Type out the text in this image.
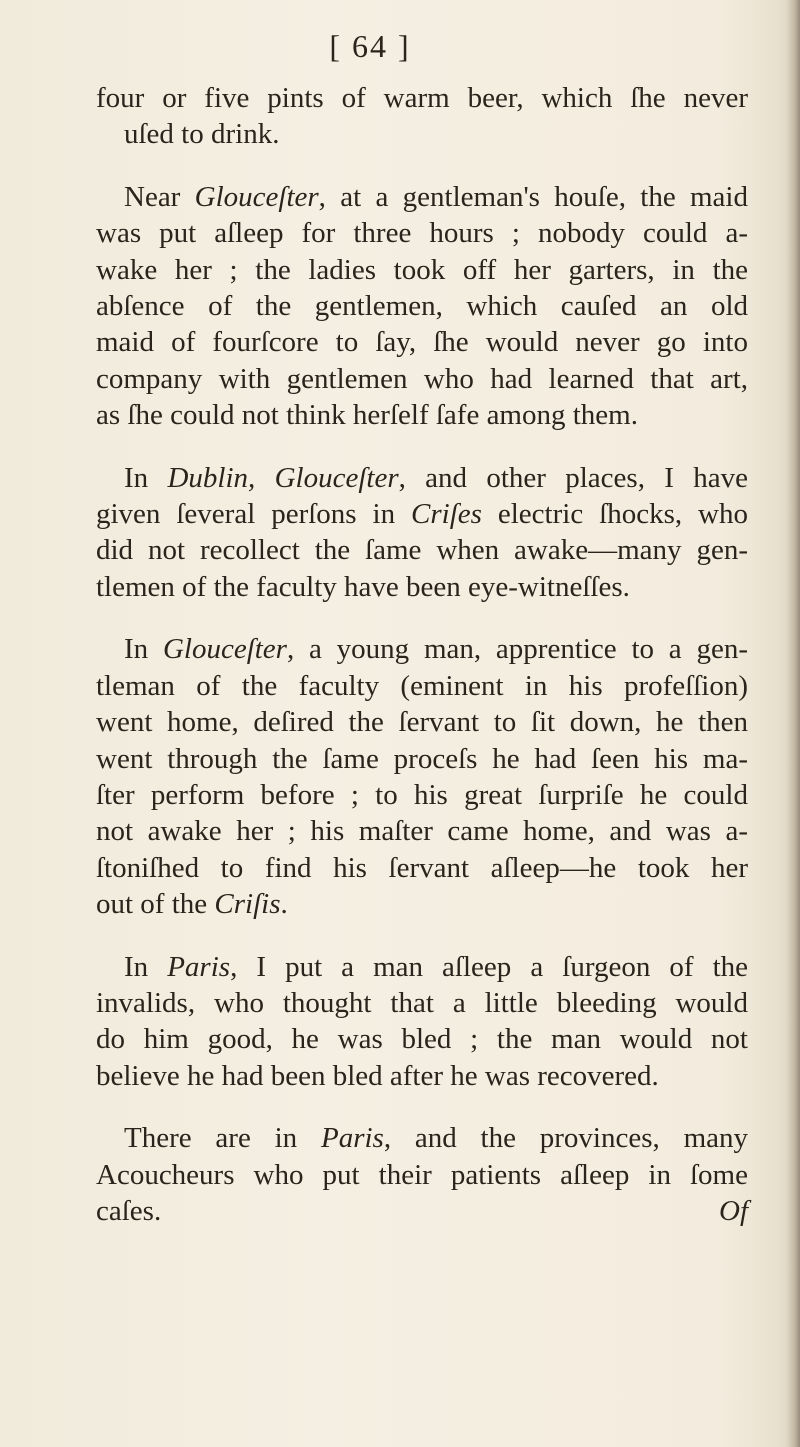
[ 64 ]

four or five pints of warm beer, which ſhe never
uſed to drink.

Near Glouceſter, at a gentleman's houſe, the maid
was put aſleep for three hours ; nobody could a-
wake her ; the ladies took off her garters, in the
abſence of the gentlemen, which cauſed an old
maid of fourſcore to ſay, ſhe would never go into
company with gentlemen who had learned that art,
as ſhe could not think herſelf ſafe among them.

In Dublin, Glouceſter, and other places, I have
given ſeveral perſons in Criſes electric ſhocks, who
did not recollect the ſame when awake—many gen-
tlemen of the faculty have been eye-witneſſes.

In Glouceſter, a young man, apprentice to a gen-
tleman of the faculty (eminent in his profeſſion)
went home, deſired the ſervant to ſit down, he then
went through the ſame proceſs he had ſeen his ma-
ſter perform before ; to his great ſurpriſe he could
not awake her ; his maſter came home, and was a-
ſtoniſhed to find his ſervant aſleep—he took her
out of the Criſis.

In Paris, I put a man aſleep a ſurgeon of the
invalids, who thought that a little bleeding would
do him good, he was bled ; the man would not
believe he had been bled after he was recovered.

There are in Paris, and the provinces, many
Acoucheurs who put their patients aſleep in ſome
caſes.	Of
